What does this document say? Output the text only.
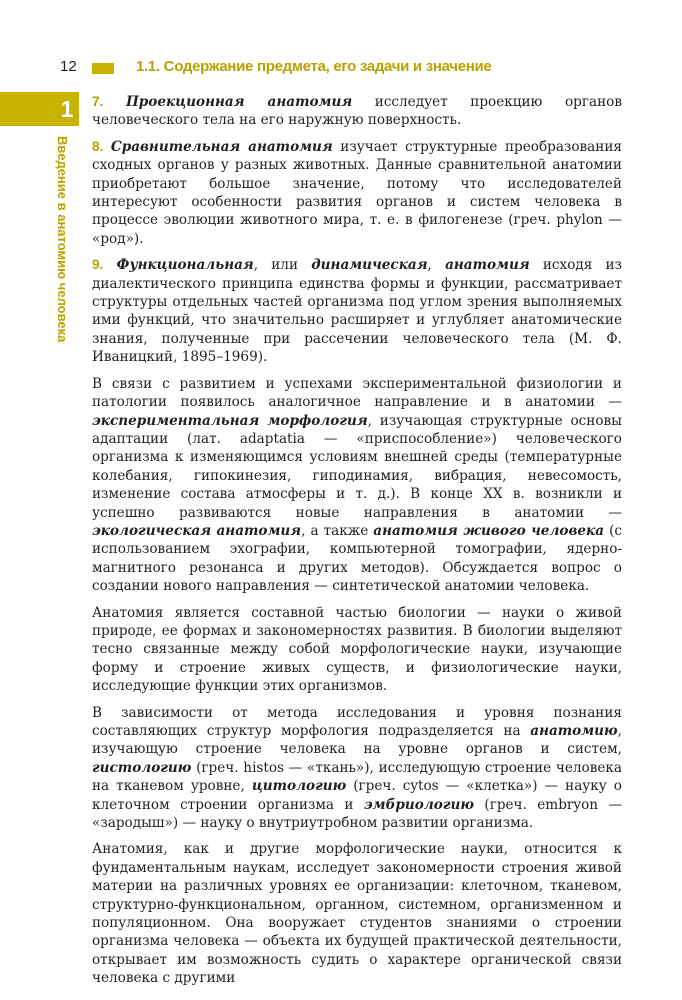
12	1.1. Содержание предмета, его задачи и значение
1
Введение в анатомию человека

7. Проекционная анатомия исследует проекцию органов человеческого тела на его наружную поверхность.

8. Сравнительная анатомия изучает структурные преобразования сходных органов у разных животных. Данные сравнительной анатомии приобретают большое значение, потому что исследователей интересуют особенности развития органов и систем человека в процессе эволюции животного мира, т. е. в филогенезе (греч. phylon — «род»).

9. Функциональная, или динамическая, анатомия исходя из диалектического принципа единства формы и функции, рассматривает структуры отдельных частей организма под углом зрения выполняемых ими функций, что значительно расширяет и углубляет анатомические знания, полученные при рассечении человеческого тела (М. Ф. Иваницкий, 1895–1969).

В связи с развитием и успехами экспериментальной физиологии и патологии появилось аналогичное направление и в анатомии — экспериментальная морфология, изучающая структурные основы адаптации (лат. adaptatia — «приспособление») человеческого организма к изменяющимся условиям внешней среды (температурные колебания, гипокинезия, гиподинамия, вибрация, невесомость, изменение состава атмосферы и т. д.). В конце XX в. возникли и успешно развиваются новые направления в анатомии — экологическая анатомия, а также анатомия живого человека (с использованием эхографии, компьютерной томографии, ядерно-магнитного резонанса и других методов). Обсуждается вопрос о создании нового направления — синтетической анатомии человека.

Анатомия является составной частью биологии — науки о живой природе, ее формах и закономерностях развития. В биологии выделяют тесно связанные между собой морфологические науки, изучающие форму и строение живых существ, и физиологические науки, исследующие функции этих организмов.

В зависимости от метода исследования и уровня познания составляющих структур морфология подразделяется на анатомию, изучающую строение человека на уровне органов и систем, гистологию (греч. histos — «ткань»), исследующую строение человека на тканевом уровне, цитологию (греч. cytos — «клетка») — науку о клеточном строении организма и эмбриологию (греч. embryon — «зародыш») — науку о внутриутробном развитии организма.

Анатомия, как и другие морфологические науки, относится к фундаментальным наукам, исследует закономерности строения живой материи на различных уровнях ее организации: клеточном, тканевом, структурно-функциональном, органном, системном, организменном и популяционном. Она вооружает студентов знаниями о строении организма человека — объекта их будущей практической деятельности, открывает им возможность судить о характере органической связи человека с другими
